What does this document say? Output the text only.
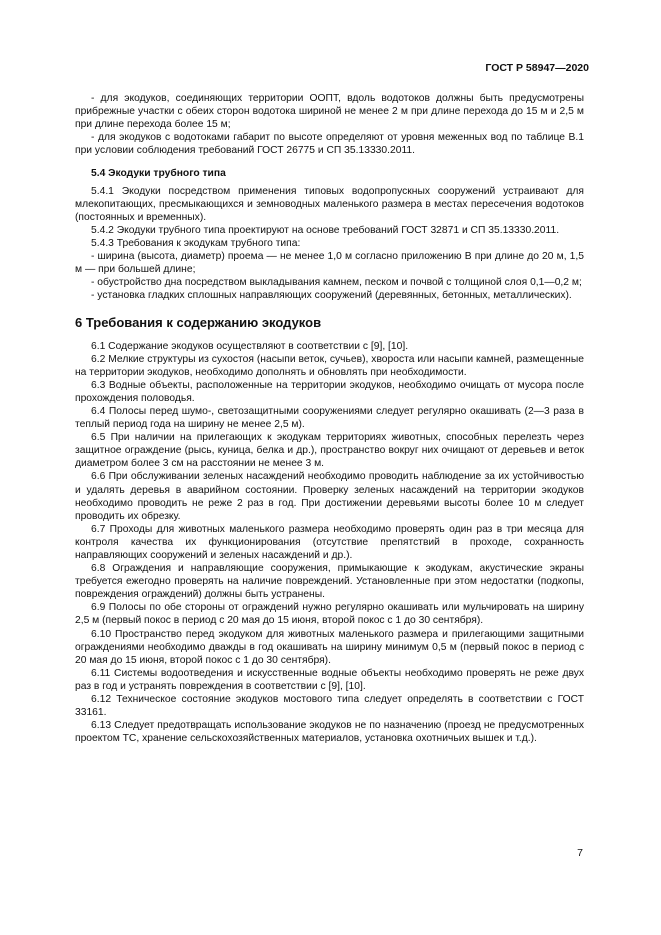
ГОСТ Р 58947—2020

- для экодуков, соединяющих территории ООПТ, вдоль водотоков должны быть предусмотрены прибрежные участки с обеих сторон водотока шириной не менее 2 м при длине перехода до 15 м и 2,5 м при длине перехода более 15 м;

- для экодуков с водотоками габарит по высоте определяют от уровня меженных вод по таблице В.1 при условии соблюдения требований ГОСТ 26775 и СП 35.13330.2011.

5.4 Экодуки трубного типа

5.4.1 Экодуки посредством применения типовых водопропускных сооружений устраивают для млекопитающих, пресмыкающихся и земноводных маленького размера в местах пересечения водотоков (постоянных и временных).

5.4.2 Экодуки трубного типа проектируют на основе требований ГОСТ 32871 и СП 35.13330.2011.

5.4.3 Требования к экодукам трубного типа:

- ширина (высота, диаметр) проема — не менее 1,0 м согласно приложению В при длине до 20 м, 1,5 м — при большей длине;

- обустройство дна посредством выкладывания камнем, песком и почвой с толщиной слоя 0,1—0,2 м;

- установка гладких сплошных направляющих сооружений (деревянных, бетонных, металлических).

6 Требования к содержанию экодуков

6.1 Содержание экодуков осуществляют в соответствии с [9], [10].

6.2 Мелкие структуры из сухостоя (насыпи веток, сучьев), хвороста или насыпи камней, размещенные на территории экодуков, необходимо дополнять и обновлять при необходимости.

6.3 Водные объекты, расположенные на территории экодуков, необходимо очищать от мусора после прохождения половодья.

6.4 Полосы перед шумо-, светозащитными сооружениями следует регулярно окашивать (2—3 раза в теплый период года на ширину не менее 2,5 м).

6.5 При наличии на прилегающих к экодукам территориях животных, способных перелезть через защитное ограждение (рысь, куница, белка и др.), пространство вокруг них очищают от деревьев и веток диаметром более 3 см на расстоянии не менее 3 м.

6.6 При обслуживании зеленых насаждений необходимо проводить наблюдение за их устойчивостью и удалять деревья в аварийном состоянии. Проверку зеленых насаждений на территории экодуков необходимо проводить не реже 2 раз в год. При достижении деревьями высоты более 10 м следует проводить их обрезку.

6.7 Проходы для животных маленького размера необходимо проверять один раз в три месяца для контроля качества их функционирования (отсутствие препятствий в проходе, сохранность направляющих сооружений и зеленых насаждений и др.).

6.8 Ограждения и направляющие сооружения, примыкающие к экодукам, акустические экраны требуется ежегодно проверять на наличие повреждений. Установленные при этом недостатки (подкопы, повреждения ограждений) должны быть устранены.

6.9 Полосы по обе стороны от ограждений нужно регулярно окашивать или мульчировать на ширину 2,5 м (первый покос в период с 20 мая до 15 июня, второй покос с 1 до 30 сентября).

6.10 Пространство перед экодуком для животных маленького размера и прилегающими защитными ограждениями необходимо дважды в год окашивать на ширину минимум 0,5 м (первый покос в период с 20 мая до 15 июня, второй покос с 1 до 30 сентября).

6.11 Системы водоотведения и искусственные водные объекты необходимо проверять не реже двух раз в год и устранять повреждения в соответствии с [9], [10].

6.12 Техническое состояние экодуков мостового типа следует определять в соответствии с ГОСТ 33161.

6.13 Следует предотвращать использование экодуков не по назначению (проезд не предусмотренных проектом ТС, хранение сельскохозяйственных материалов, установка охотничьих вышек и т.д.).

7
